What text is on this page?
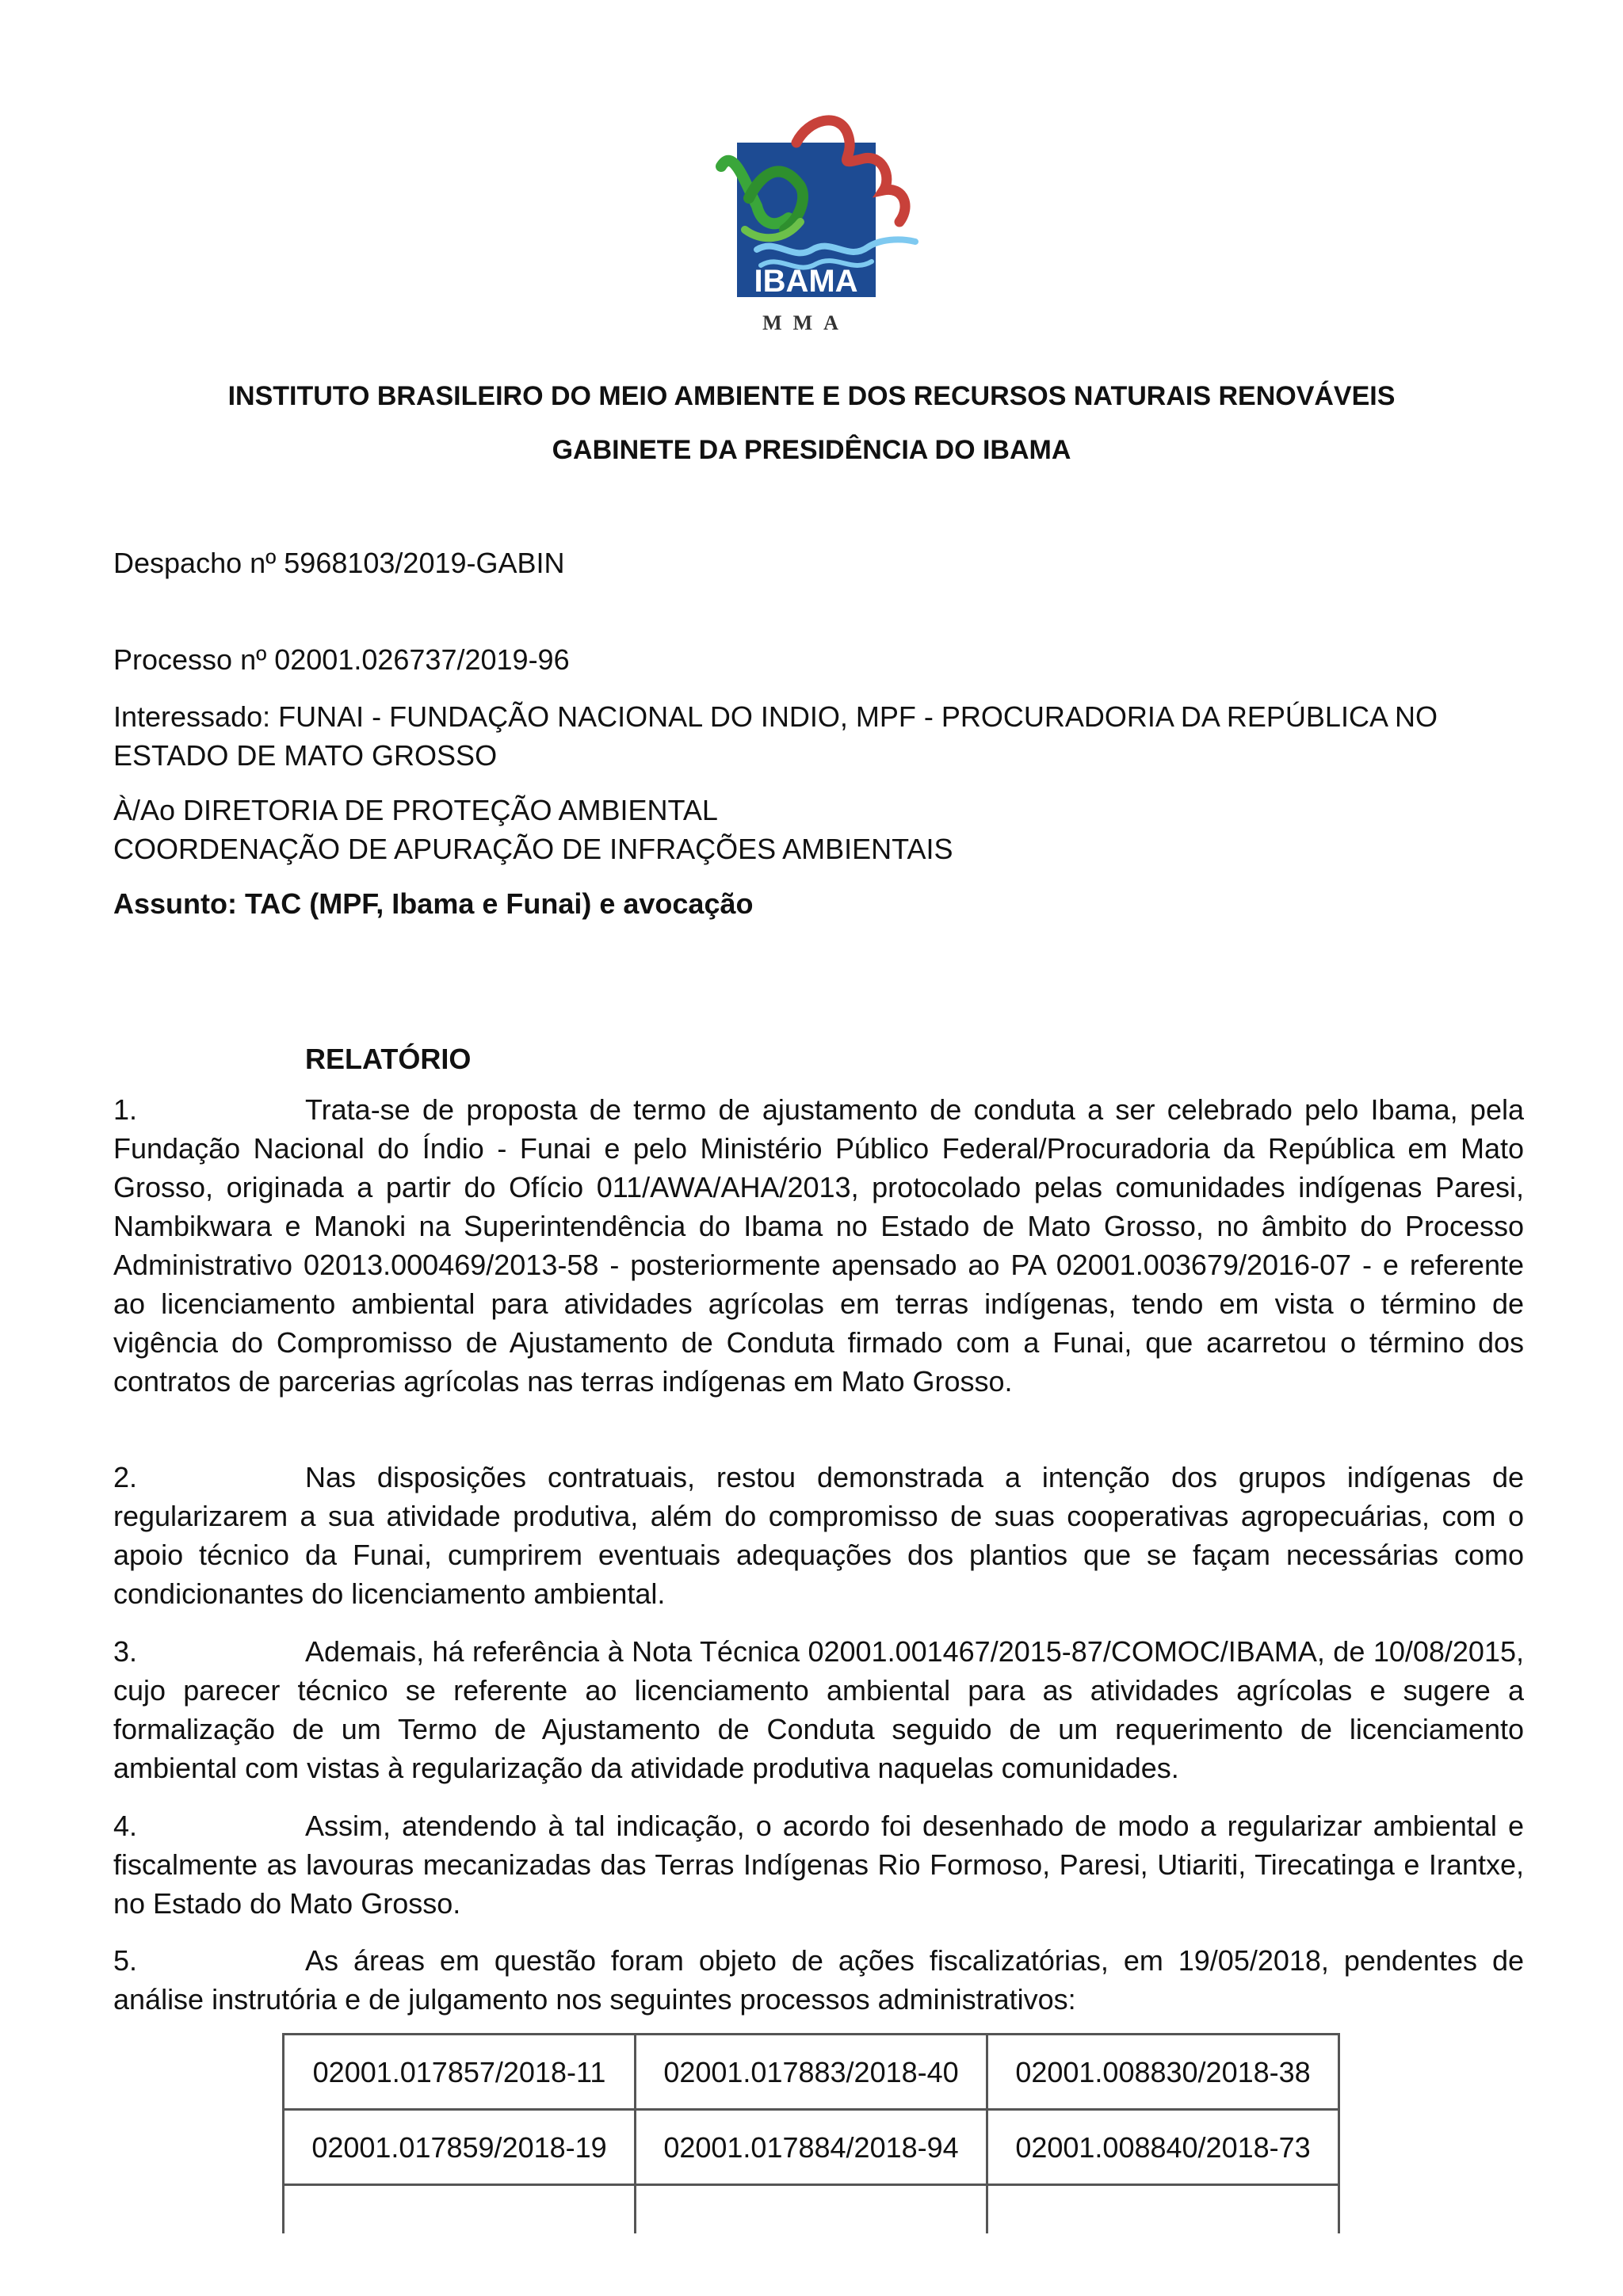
IBAMA
MMA
INSTITUTO BRASILEIRO DO MEIO AMBIENTE E DOS RECURSOS NATURAIS RENOVÁVEIS
GABINETE DA PRESIDÊNCIA DO IBAMA
Despacho nº 5968103/2019-GABIN
Processo nº 02001.026737/2019-96
Interessado: FUNAI - FUNDAÇÃO NACIONAL DO INDIO, MPF - PROCURADORIA DA REPÚBLICA NO ESTADO DE MATO GROSSO
À/Ao DIRETORIA DE PROTEÇÃO AMBIENTAL
COORDENAÇÃO DE APURAÇÃO DE INFRAÇÕES AMBIENTAIS
Assunto: TAC (MPF, Ibama e Funai) e avocação
RELATÓRIO

1.	Trata-se de proposta de termo de ajustamento de conduta a ser celebrado pelo Ibama, pela Fundação Nacional do Índio - Funai e pelo Ministério Público Federal/Procuradoria da República em Mato Grosso, originada a partir do Ofício 011/AWA/AHA/2013, protocolado pelas comunidades indígenas Paresi, Nambikwara e Manoki na Superintendência do Ibama no Estado de Mato Grosso, no âmbito do Processo Administrativo 02013.000469/2013-58 - posteriormente apensado ao PA 02001.003679/2016-07 - e referente ao licenciamento ambiental para atividades agrícolas em terras indígenas, tendo em vista o término de vigência do Compromisso de Ajustamento de Conduta firmado com a Funai, que acarretou o término dos contratos de parcerias agrícolas nas terras indígenas em Mato Grosso.

2.	Nas disposições contratuais, restou demonstrada a intenção dos grupos indígenas de regularizarem a sua atividade produtiva, além do compromisso de suas cooperativas agropecuárias, com o apoio técnico da Funai, cumprirem eventuais adequações dos plantios que se façam necessárias como condicionantes do licenciamento ambiental.

3.	Ademais, há referência à Nota Técnica 02001.001467/2015-87/COMOC/IBAMA, de 10/08/2015, cujo parecer técnico se referente ao licenciamento ambiental para as atividades agrícolas e sugere a formalização de um Termo de Ajustamento de Conduta seguido de um requerimento de licenciamento ambiental com vistas à regularização da atividade produtiva naquelas comunidades.

4.	Assim, atendendo à tal indicação, o acordo foi desenhado de modo a regularizar ambiental e fiscalmente as lavouras mecanizadas das Terras Indígenas Rio Formoso, Paresi, Utiariti, Tirecatinga e Irantxe, no Estado do Mato Grosso.

5.	As áreas em questão foram objeto de ações fiscalizatórias, em 19/05/2018, pendentes de análise instrutória e de julgamento nos seguintes processos administrativos:

02001.017857/2018-11	02001.017883/2018-40	02001.008830/2018-38
02001.017859/2018-19	02001.017884/2018-94	02001.008840/2018-73
